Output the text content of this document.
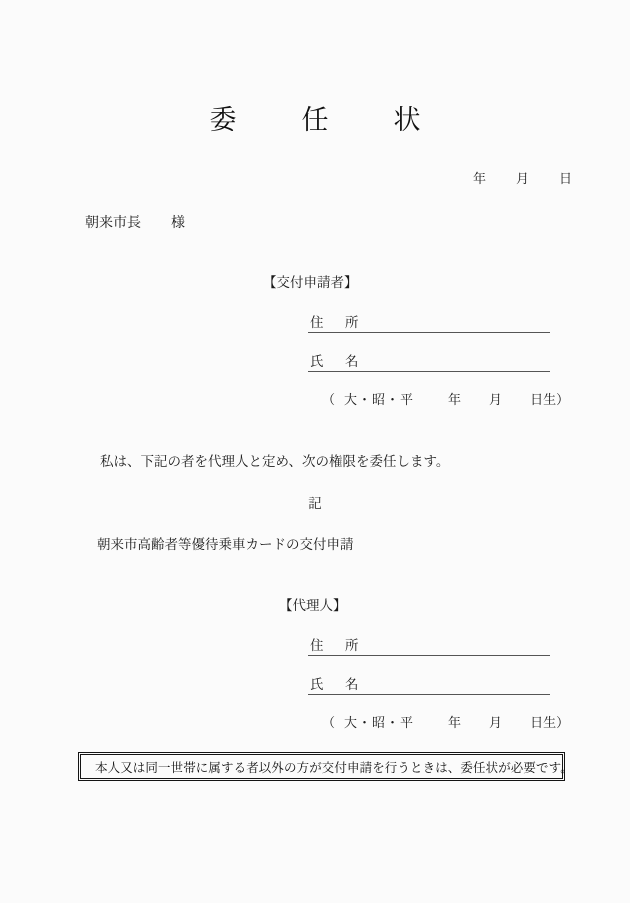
委　任　状
年 月 日
朝来市長 様
【交付申請者】
住　所
氏　名
（ 大・昭・平	年 月 日生）
私は、下記の者を代理人と定め、次の権限を委任します。
記
朝来市高齢者等優待乗車カードの交付申請
【代理人】
住　所
氏　名
（ 大・昭・平	年 月 日生）
本人又は同一世帯に属する者以外の方が交付申請を行うときは、委任状が必要です。
